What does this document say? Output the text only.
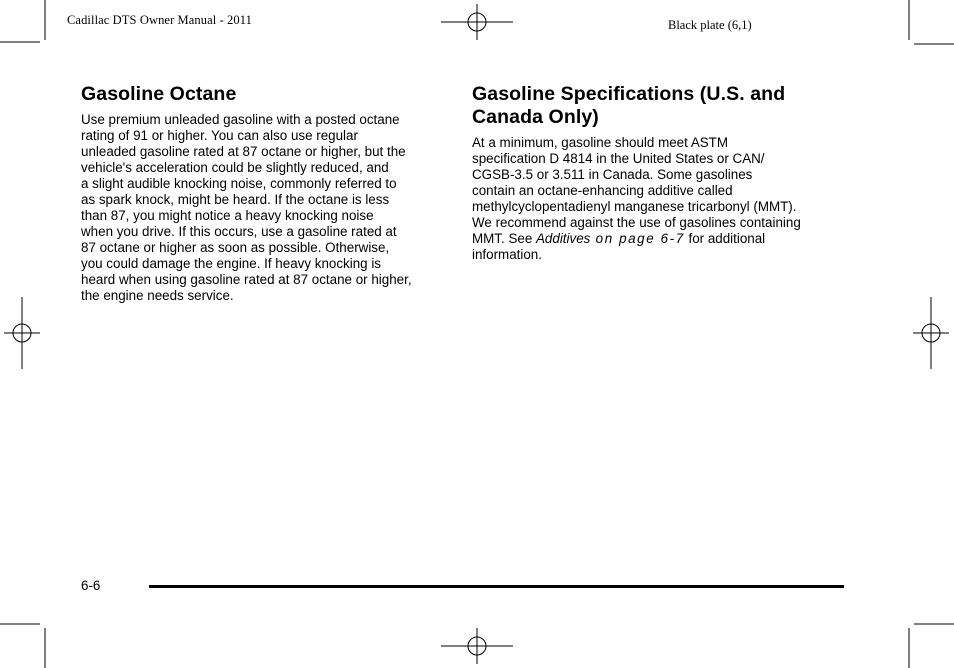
Cadillac DTS Owner Manual - 2011	Black plate (6,1)
Gasoline Octane

Use premium unleaded gasoline with a posted octane
rating of 91 or higher. You can also use regular
unleaded gasoline rated at 87 octane or higher, but the
vehicle's acceleration could be slightly reduced, and
a slight audible knocking noise, commonly referred to
as spark knock, might be heard. If the octane is less
than 87, you might notice a heavy knocking noise
when you drive. If this occurs, use a gasoline rated at
87 octane or higher as soon as possible. Otherwise,
you could damage the engine. If heavy knocking is
heard when using gasoline rated at 87 octane or higher,
the engine needs service.

Gasoline Specifications (U.S. and
Canada Only)

At a minimum, gasoline should meet ASTM
specification D 4814 in the United States or CAN/
CGSB-3.5 or 3.511 in Canada. Some gasolines
contain an octane-enhancing additive called
methylcyclopentadienyl manganese tricarbonyl (MMT).
We recommend against the use of gasolines containing
MMT. See Additives on page 6-7 for additional
information.

6-6
